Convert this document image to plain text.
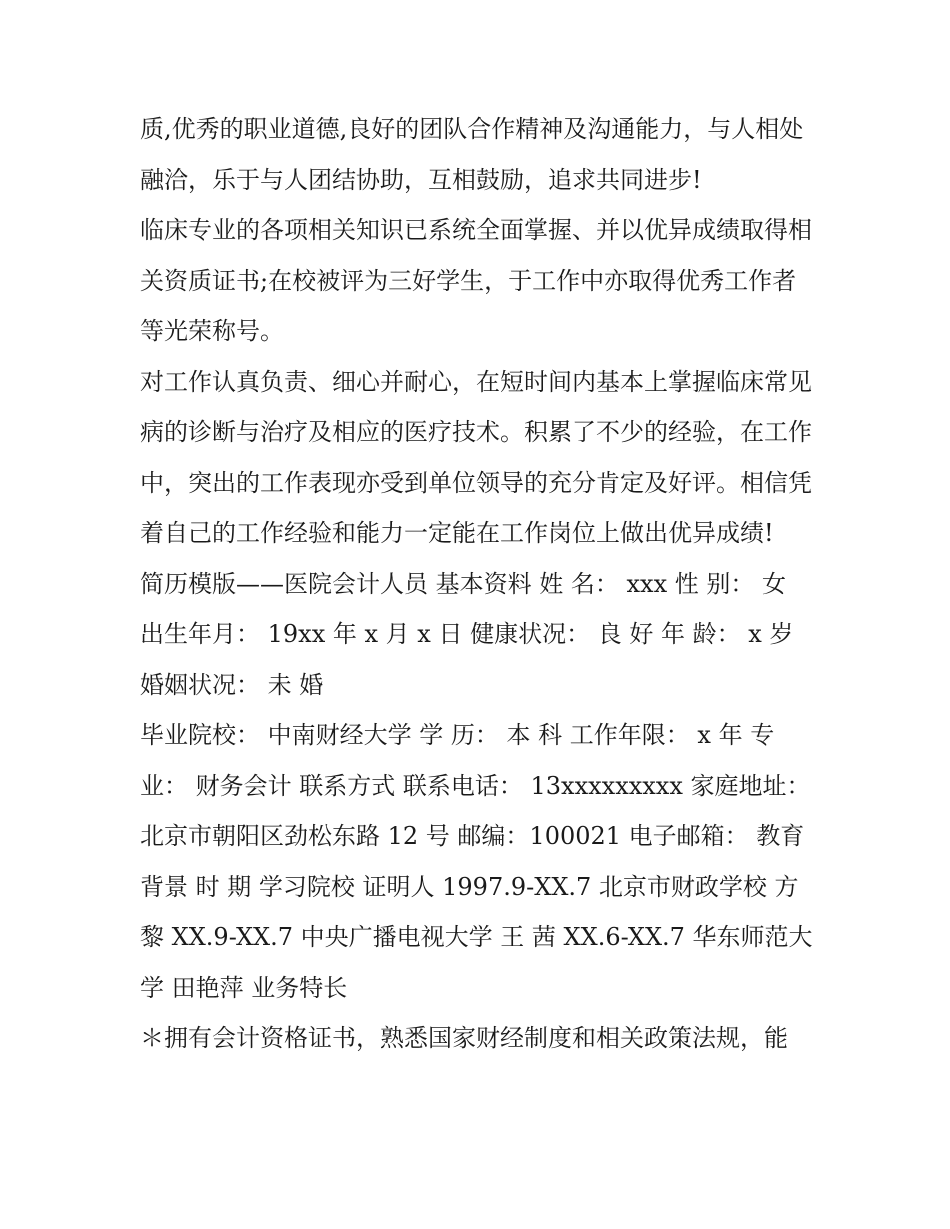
质,优秀的职业道德,良好的团队合作精神及沟通能力，与人相处融洽，乐于与人团结协助，互相鼓励，追求共同进步!

临床专业的各项相关知识已系统全面掌握、并以优异成绩取得相关资质证书;在校被评为三好学生，于工作中亦取得优秀工作者等光荣称号。

对工作认真负责、细心并耐心，在短时间内基本上掌握临床常见病的诊断与治疗及相应的医疗技术。积累了不少的经验，在工作中，突出的工作表现亦受到单位领导的充分肯定及好评。相信凭着自己的工作经验和能力一定能在工作岗位上做出优异成绩!

简历模版——医院会计人员 基本资料 姓 名： xxx 性 别： 女 出生年月： 19xx 年 x 月 x 日 健康状况： 良 好 年 龄： x 岁 婚姻状况： 未 婚

毕业院校： 中南财经大学 学 历： 本 科 工作年限： x 年 专业： 财务会计 联系方式 联系电话： 13xxxxxxxxx 家庭地址： 北京市朝阳区劲松东路 12 号 邮编：100021 电子邮箱： 教育背景 时 期 学习院校 证明人 1997.9-XX.7 北京市财政学校 方 黎 XX.9-XX.7 中央广播电视大学 王 茜 XX.6-XX.7 华东师范大学 田艳萍 业务特长

＊拥有会计资格证书，熟悉国家财经制度和相关政策法规，能
